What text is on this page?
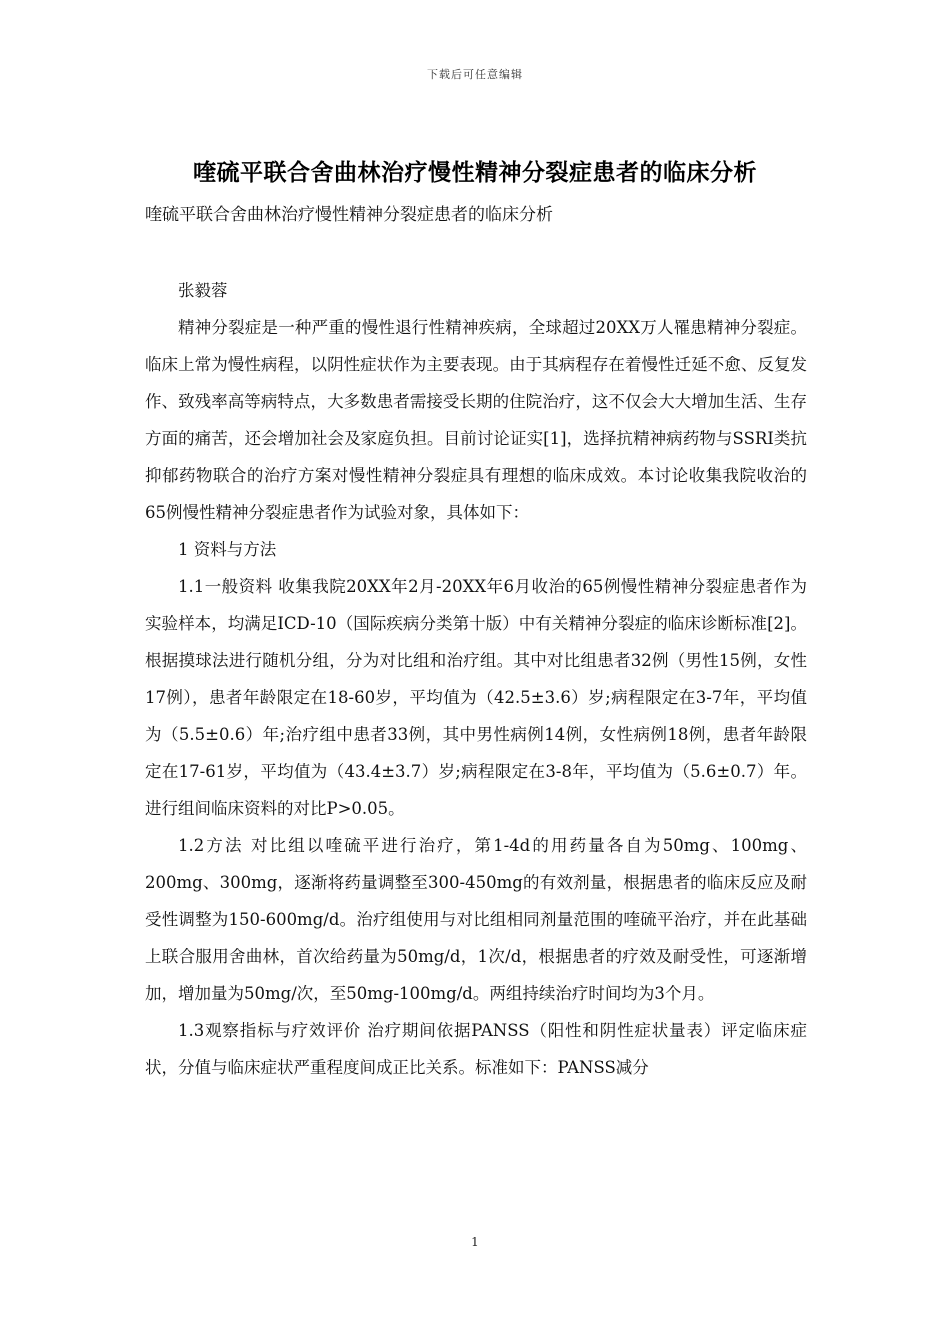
下载后可任意编辑
喹硫平联合舍曲林治疗慢性精神分裂症患者的临床分析
喹硫平联合舍曲林治疗慢性精神分裂症患者的临床分析

张毅蓉

精神分裂症是一种严重的慢性退行性精神疾病，全球超过20XX万人罹患精神分裂症。临床上常为慢性病程，以阴性症状作为主要表现。由于其病程存在着慢性迁延不愈、反复发作、致残率高等病特点，大多数患者需接受长期的住院治疗，这不仅会大大增加生活、生存方面的痛苦，还会增加社会及家庭负担。目前讨论证实[1]，选择抗精神病药物与SSRI类抗抑郁药物联合的治疗方案对慢性精神分裂症具有理想的临床成效。本讨论收集我院收治的65例慢性精神分裂症患者作为试验对象，具体如下：

1 资料与方法

1.1一般资料 收集我院20XX年2月-20XX年6月收治的65例慢性精神分裂症患者作为实验样本，均满足ICD-10（国际疾病分类第十版）中有关精神分裂症的临床诊断标准[2]。根据摸球法进行随机分组，分为对比组和治疗组。其中对比组患者32例（男性15例，女性17例），患者年龄限定在18-60岁，平均值为（42.5±3.6）岁;病程限定在3-7年，平均值为（5.5±0.6）年;治疗组中患者33例，其中男性病例14例，女性病例18例，患者年龄限定在17-61岁，平均值为（43.4±3.7）岁;病程限定在3-8年，平均值为（5.6±0.7）年。进行组间临床资料的对比P>0.05。

1.2方法 对比组以喹硫平进行治疗，第1-4d的用药量各自为50mg、100mg、200mg、300mg，逐渐将药量调整至300-450mg的有效剂量，根据患者的临床反应及耐受性调整为150-600mg/d。治疗组使用与对比组相同剂量范围的喹硫平治疗，并在此基础上联合服用舍曲林，首次给药量为50mg/d，1次/d，根据患者的疗效及耐受性，可逐渐增加，增加量为50mg/次，至50mg-100mg/d。两组持续治疗时间均为3个月。

1.3观察指标与疗效评价 治疗期间依据PANSS（阳性和阴性症状量表）评定临床症状，分值与临床症状严重程度间成正比关系。标准如下：PANSS减分

1
